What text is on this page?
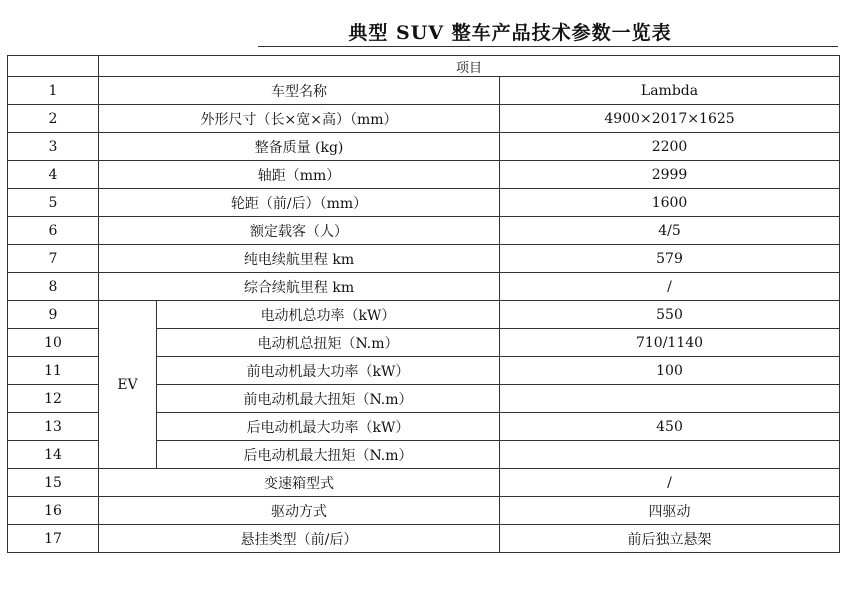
典型 SUV 整车产品技术参数一览表
	项目		
1	车型名称		Lambda
2	外形尺寸（长×宽×高）（mm）		4900×2017×1625
3	整备质量 (kg)		2200
4	轴距（mm）		2999
5	轮距（前/后）（mm）		1600
6	额定载客（人）		4/5
7	纯电续航里程 km		579
8	综合续航里程 km		/
9	EV	电动机总功率（kW）	550
10		电动机总扭矩（N.m）	710/1140
11		前电动机最大功率（kW）	100
12		前电动机最大扭矩（N.m）	
13		后电动机最大功率（kW）	450
14		后电动机最大扭矩（N.m）	
15	变速箱型式		/
16	驱动方式		四驱动
17	悬挂类型（前/后）		前后独立悬架
